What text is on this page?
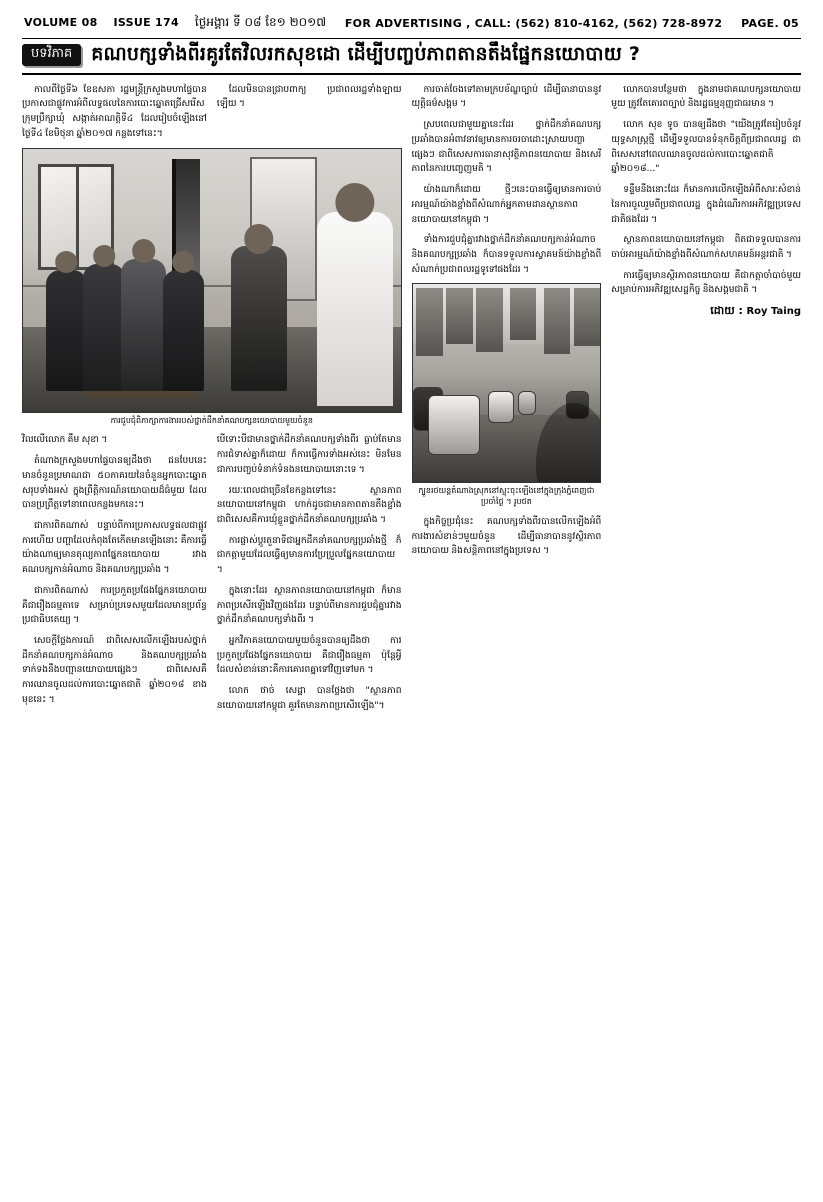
VOLUME 08 ISSUE 174 ថ្ងៃអង្គារ ទី ០៨ ខែ១ ២០១៧ FOR ADVERTISING , CALL: (562) 810-4162, (562) 728-8972 PAGE. 05
បទវិភាគ	គណបក្សទាំងពីរគូរតែវិលរកសុខដោ ដើម្បីបញ្ចប់ភាពតានតឹងផ្នែកនយោបាយ ?

កាលពីថ្ងៃទី៦ ខែឧសភា រដ្ឋមន្ត្រីក្រសួងមហាផ្ទៃបានប្រកាសជាផ្លូវការអំពីលទ្ធផលនៃការបោះឆ្នោតជ្រើសរើសក្រុមប្រឹក្សាឃុំ សង្កាត់អាណត្តិទី៤ ដែលរៀបចំឡើងនៅថ្ងៃទី៤ ខែមិថុនា ឆ្នាំ២០១៧ កន្លងទៅនេះ។

ដែលមិនបានជ្រាបពាក្យ ប្រជាពលរដ្ឋទាំងឡាយឡើយ ។

ការជួបជុំពិភាក្សាការងាររបស់ថ្នាក់ដឹកនាំគណបក្សនយោបាយមួយចំនួន

វិលលើលោក គឹម សុខា ។

តំណាងក្រសួងមហាផ្ទៃបានឲ្យដឹងថា ជនបែបនេះ មានចំនួនប្រមាណជា ៥០ភាគរយនៃចំនួនអ្នកបោះឆ្នោតសរុបទាំងអស់ ក្នុងព្រឹត្តិការណ៍នយោបាយដ៏ធំមួយ ដែលបានប្រព្រឹត្តទៅនាពេលកន្លងមកនេះ។

ជាការពិតណាស់ បន្ទាប់ពីការប្រកាសលទ្ធផលជាផ្លូវការហើយ បញ្ហាដែលកំពុងតែកើតមានឡើងនោះ គឺការធ្វើយ៉ាងណាឲ្យមានតុល្យភាពផ្នែកនយោបាយ រវាងគណបក្សកាន់អំណាច និងគណបក្សប្រឆាំង ។

ជាការពិតណាស់ ការប្រកួតប្រជែងផ្នែកនយោបាយគឺជារឿងធម្មតាទេ សម្រាប់ប្រទេសមួយដែលមានប្រព័ន្ធប្រជាធិបតេយ្យ ។

សេចក្ដីថ្លែងការណ៍ ជាពិសេសលើកឡើងរបស់ថ្នាក់ដឹកនាំគណបក្សកាន់អំណាច និងគណបក្សប្រឆាំង ទាក់ទងនឹងបញ្ហានយោបាយផ្សេងៗ ជាពិសេសគឺការឈានចូលដល់ការបោះឆ្នោតជាតិ ឆ្នាំ២០១៨ ខាងមុខនេះ ។

បើទោះបីជាមានថ្នាក់ដឹកនាំគណបក្សទាំងពីរ ធ្លាប់តែមានការជំទាស់គ្នាក៏ដោយ ក៏ការធ្វើការទាំងអស់នេះ មិនមែនជាការបញ្ចប់ទំនាក់ទំនងនយោបាយនោះទេ ។

រយៈពេលជាច្រើនខែកន្លងទៅនេះ ស្ថានភាពនយោបាយនៅកម្ពុជា ហាក់ដូចជាមានភាពតានតឹងខ្លាំង ជាពិសេសគឺការឃុំខ្លួនថ្នាក់ដឹកនាំគណបក្សប្រឆាំង ។

ការផ្លាស់ប្ដូរតួនាទីជាអ្នកដឹកនាំគណបក្សប្រឆាំងថ្មី ក៏ជាកត្តាមួយដែលធ្វើឲ្យមានការប្រែប្រួលផ្នែកនយោបាយ ។

ក្នុងនោះដែរ ស្ថានភាពនយោបាយនៅកម្ពុជា ក៏មានភាពប្រសើរឡើងវិញផងដែរ បន្ទាប់ពីមានការជួបជុំគ្នារវាងថ្នាក់ដឹកនាំគណបក្សទាំងពីរ ។

អ្នកវិភាគនយោបាយមួយចំនួនបានឲ្យដឹងថា ការប្រកួតប្រជែងផ្នែកនយោបាយ គឺជារឿងធម្មតា ប៉ុន្តែអ្វីដែលសំខាន់នោះគឺការគោរពគ្នាទៅវិញទៅមក ។

លោក ថាច់ សេដ្ឋា បានថ្លែងថា "ស្ថានភាពនយោបាយនៅកម្ពុជា គួរតែមានភាពប្រសើរឡើង"។

ការចាត់ចែងទៅតាមក្របខ័ណ្ឌច្បាប់ ដើម្បីធានាបាននូវយុត្តិធម៌សង្គម ។

ស្របពេលជាមួយគ្នានេះដែរ ថ្នាក់ដឹកនាំគណបក្សប្រឆាំងបានអំពាវនាវឲ្យមានការចរចាដោះស្រាយបញ្ហាផ្សេងៗ ជាពិសេសការធានាសុវត្ថិភាពនយោបាយ និងសេរីភាពនៃការបញ្ចេញមតិ ។

យ៉ាងណាក៏ដោយ ថ្មីៗនេះបានធ្វើឲ្យមានការចាប់អារម្មណ៍យ៉ាងខ្លាំងពីសំណាក់អ្នកតាមដានស្ថានភាពនយោបាយនៅកម្ពុជា ។

ទាំងការជួបជុំគ្នារវាងថ្នាក់ដឹកនាំគណបក្សកាន់អំណាច និងគណបក្សប្រឆាំង ក៏បានទទួលការស្វាគមន៍យ៉ាងខ្លាំងពីសំណាក់ប្រជាពលរដ្ឋទូទៅផងដែរ ។

ក្បួនរថយន្តតំណាងស្រុកនៅស្ទុះចុះឡើងនៅក្នុងក្រុងភ្នំពេញជាប្រចាំថ្ងៃ ។ រូបថត

ក្នុងកិច្ចប្រជុំនេះ គណបក្សទាំងពីរបានលើកឡើងអំពីការងារសំខាន់ៗមួយចំនួន ដើម្បីធានាបាននូវស្ថិរភាពនយោបាយ និងសន្តិភាពនៅក្នុងប្រទេស ។

លោកបានបន្ថែមថា ក្នុងនាមជាគណបក្សនយោបាយមួយ ត្រូវតែគោរពច្បាប់ និងរដ្ឋធម្មនុញ្ញជាធរមាន ។

លោក សុខ ទូច បានឲ្យដឹងថា "យើងត្រូវតែរៀបចំនូវយុទ្ធសាស្ត្រថ្មី ដើម្បីទទួលបានទំនុកចិត្តពីប្រជាពលរដ្ឋ ជាពិសេសនៅពេលឈានចូលដល់ការបោះឆ្នោតជាតិ ឆ្នាំ២០១៨..."

ទន្ទឹមនឹងនោះដែរ ក៏មានការលើកឡើងអំពីសារៈសំខាន់នៃការចូលរួមពីប្រជាពលរដ្ឋ ក្នុងដំណើរការអភិវឌ្ឍប្រទេសជាតិផងដែរ ។

ស្ថានភាពនយោបាយនៅកម្ពុជា ពិតជាទទួលបានការចាប់អារម្មណ៍យ៉ាងខ្លាំងពីសំណាក់សហគមន៍អន្តរជាតិ ។

ការធ្វើឲ្យមានស្ថិរភាពនយោបាយ គឺជាកត្តាចាំបាច់មួយសម្រាប់ការអភិវឌ្ឍសេដ្ឋកិច្ច និងសង្គមជាតិ ។

ដោយ : Roy Taing
